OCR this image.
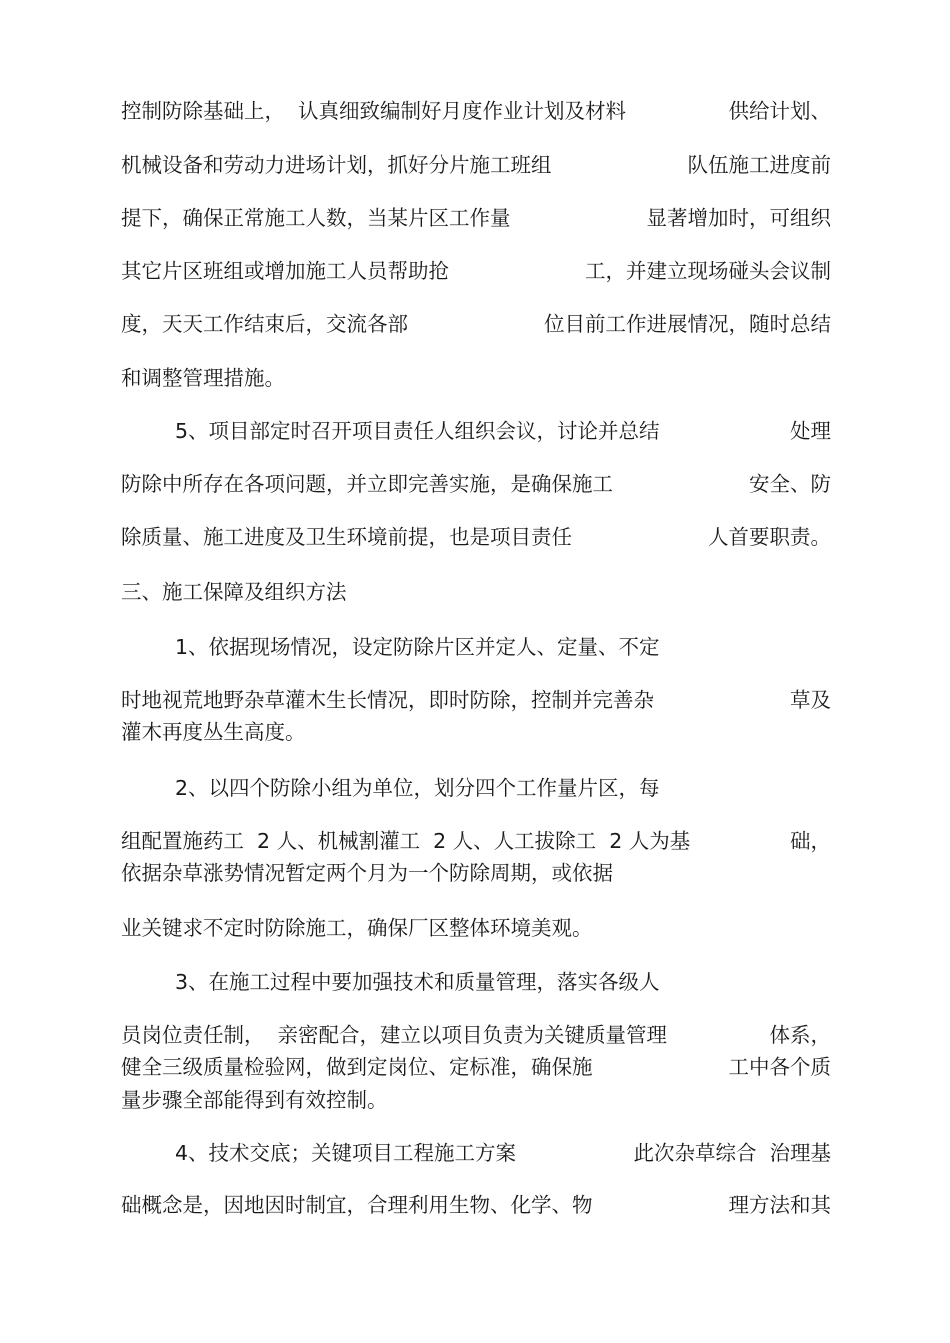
控制防除基础上，  认真细致编制好月度作业计划及材料	供给计划、
机械设备和劳动力进场计划，抓好分片施工班组	队伍施工进度前
提下，确保正常施工人数，当某片区工作量	显著增加时，可组织
其它片区班组或增加施工人员帮助抢	工，并建立现场碰头会议制
度，天天工作结束后，交流各部	位目前工作进展情况，随时总结
和调整管理措施。
5、项目部定时召开项目责任人组织会议，讨论并总结	处理
防除中所存在各项问题，并立即完善实施，是确保施工	安全、防
除质量、施工进度及卫生环境前提，也是项目责任	人首要职责。
三、施工保障及组织方法
1、依据现场情况，设定防除片区并定人、定量、不定
时地视荒地野杂草灌木生长情况，即时防除，控制并完善杂	草及
灌木再度丛生高度。
2、以四个防除小组为单位，划分四个工作量片区，每
组配置施药工  2 人、机械割灌工  2 人、人工拔除工  2 人为基	础，
依据杂草涨势情况暂定两个月为一个防除周期，或依据
业关键求不定时防除施工，确保厂区整体环境美观。
3、在施工过程中要加强技术和质量管理，落实各级人
员岗位责任制，  亲密配合，建立以项目负责为关键质量管理	体系，
健全三级质量检验网，做到定岗位、定标准，确保施	工中各个质
量步骤全部能得到有效控制。
4、技术交底；关键项目工程施工方案	此次杂草综合  治理基
础概念是，因地因时制宜，合理利用生物、化学、物	理方法和其
